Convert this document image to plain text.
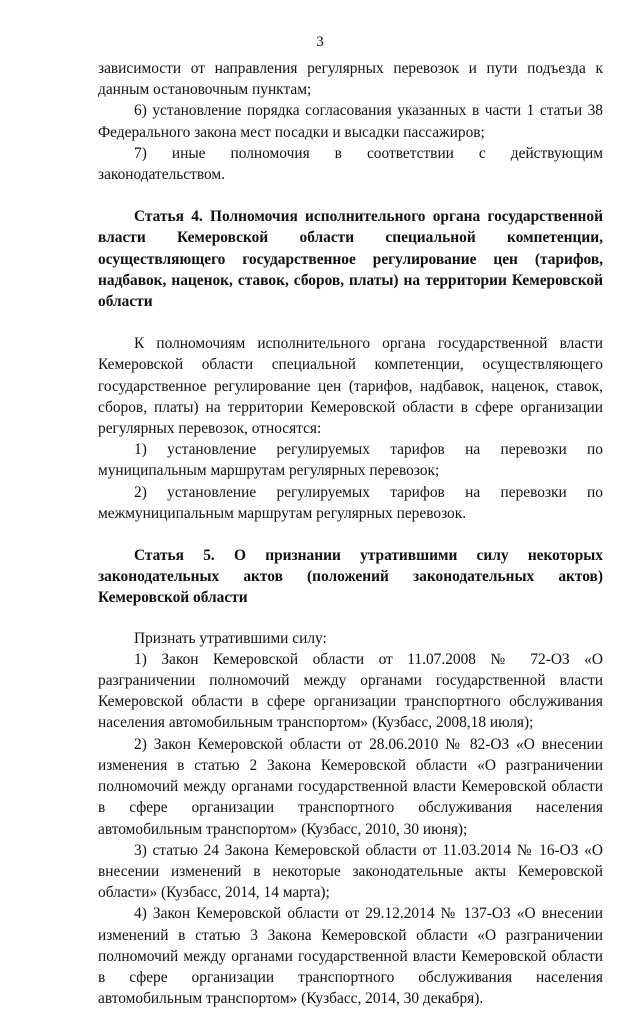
3

зависимости от направления регулярных перевозок и пути подъезда к данным остановочным пунктам;

6) установление порядка согласования указанных в части 1 статьи 38 Федерального закона мест посадки и высадки пассажиров;

7) иные полномочия в соответствии с действующим законодательством.

Статья 4. Полномочия исполнительного органа государственной власти Кемеровской области специальной компетенции, осуществляющего государственное регулирование цен (тарифов, надбавок, наценок, ставок, сборов, платы) на территории Кемеровской области

К полномочиям исполнительного органа государственной власти Кемеровской области специальной компетенции, осуществляющего государственное регулирование цен (тарифов, надбавок, наценок, ставок, сборов, платы) на территории Кемеровской области в сфере организации регулярных перевозок, относятся:

1) установление регулируемых тарифов на перевозки по муниципальным маршрутам регулярных перевозок;

2) установление регулируемых тарифов на перевозки по межмуниципальным маршрутам регулярных перевозок.

Статья 5. О признании утратившими силу некоторых законодательных актов (положений законодательных актов) Кемеровской области

Признать утратившими силу:

1) Закон Кемеровской области от 11.07.2008 № 72-ОЗ «О разграничении полномочий между органами государственной власти Кемеровской области в сфере организации транспортного обслуживания населения автомобильным транспортом» (Кузбасс, 2008,18 июля);

2) Закон Кемеровской области от 28.06.2010 № 82-ОЗ «О внесении изменения в статью 2 Закона Кемеровской области «О разграничении полномочий между органами государственной власти Кемеровской области в сфере организации транспортного обслуживания населения автомобильным транспортом» (Кузбасс, 2010, 30 июня);

3) статью 24 Закона Кемеровской области от 11.03.2014 № 16-ОЗ «О внесении изменений в некоторые законодательные акты Кемеровской области» (Кузбасс, 2014, 14 марта);

4) Закон Кемеровской области от 29.12.2014 № 137-ОЗ «О внесении изменений в статью 3 Закона Кемеровской области «О разграничении полномочий между органами государственной власти Кемеровской области в сфере организации транспортного обслуживания населения автомобильным транспортом» (Кузбасс, 2014, 30 декабря).
